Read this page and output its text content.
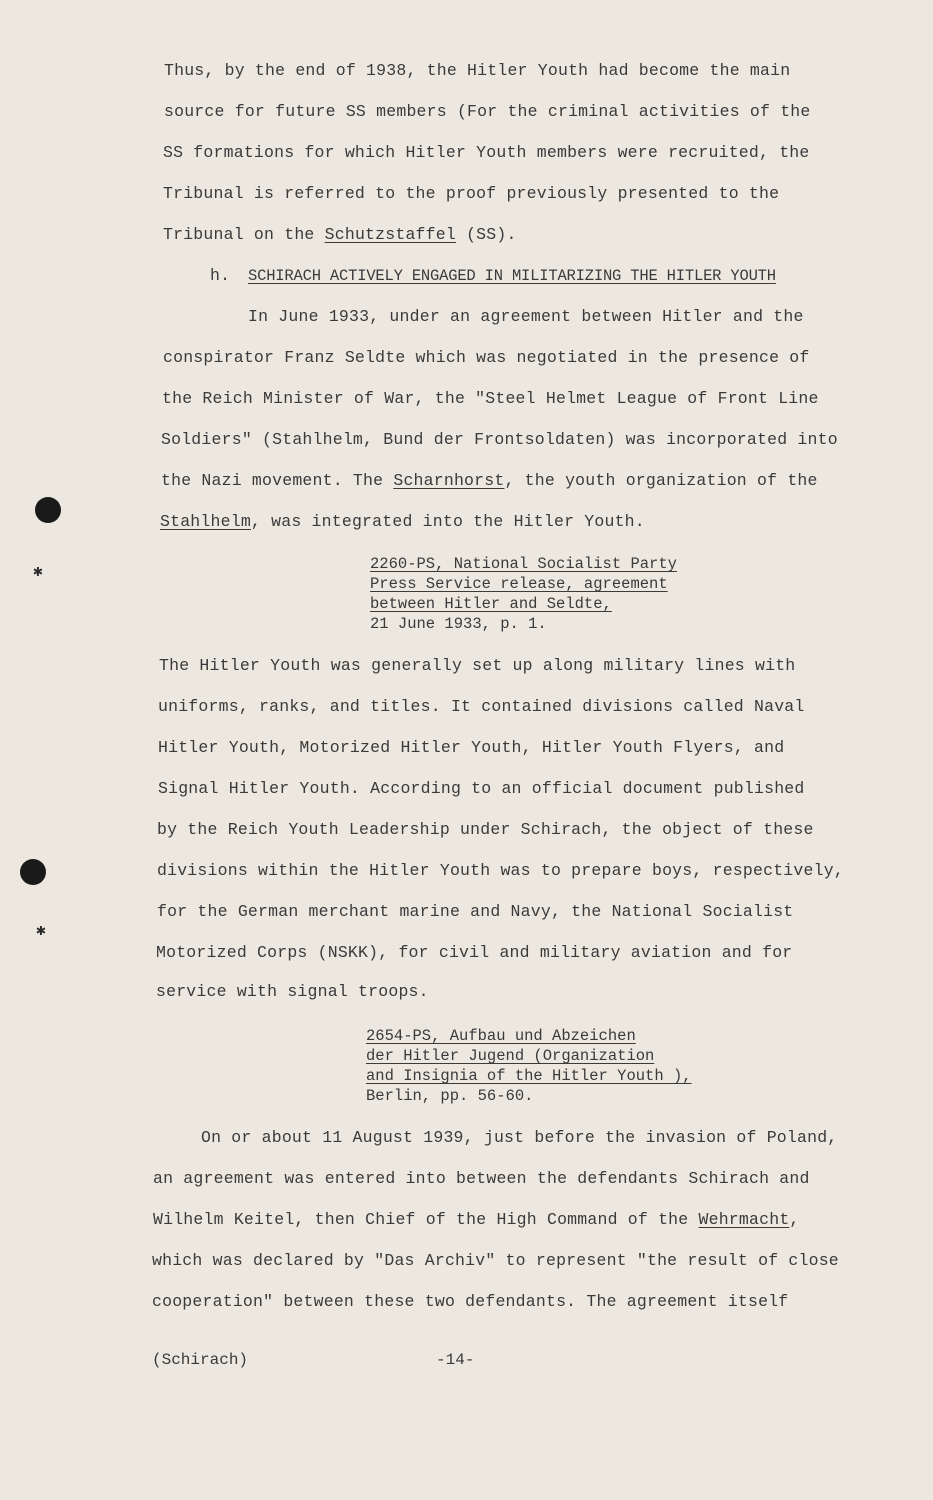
✱
✱
Thus, by the end of 1938, the Hitler Youth had become the main
source for future SS members (For the criminal activities of the
SS formations for which Hitler Youth members were recruited, the
Tribunal is referred to the proof previously presented to the
Tribunal on the Schutzstaffel (SS).
h. SCHIRACH ACTIVELY ENGAGED IN MILITARIZING THE HITLER YOUTH
In June 1933, under an agreement between Hitler and the
conspirator Franz Seldte which was negotiated in the presence of
the Reich Minister of War, the "Steel Helmet League of Front Line
Soldiers" (Stahlhelm, Bund der Frontsoldaten) was incorporated into
the Nazi movement. The Scharnhorst, the youth organization of the
Stahlhelm, was integrated into the Hitler Youth.
2260-PS, National Socialist Party
Press Service release, agreement
between Hitler and Seldte,
21 June 1933, p. 1.
The Hitler Youth was generally set up along military lines with
uniforms, ranks, and titles. It contained divisions called Naval
Hitler Youth, Motorized Hitler Youth, Hitler Youth Flyers, and
Signal Hitler Youth. According to an official document published
by the Reich Youth Leadership under Schirach, the object of these
divisions within the Hitler Youth was to prepare boys, respectively,
for the German merchant marine and Navy, the National Socialist
Motorized Corps (NSKK), for civil and military aviation and for
service with signal troops.
2654-PS, Aufbau und Abzeichen
der Hitler Jugend (Organization
and Insignia of the Hitler Youth ),
Berlin, pp. 56-60.
On or about 11 August 1939, just before the invasion of Poland,
an agreement was entered into between the defendants Schirach and
Wilhelm Keitel, then Chief of the High Command of the Wehrmacht,
which was declared by "Das Archiv" to represent "the result of close
cooperation" between these two defendants. The agreement itself
(Schirach)	-14-
